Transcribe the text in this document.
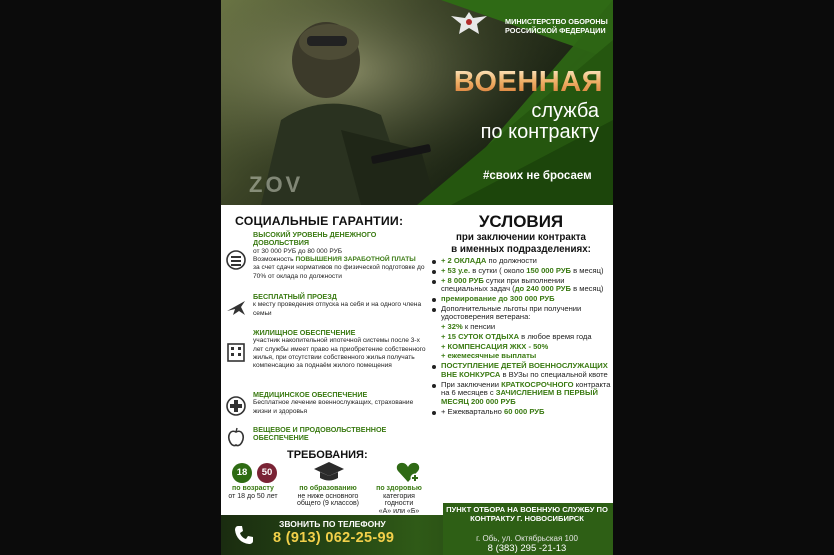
МИНИСТЕРСТВО ОБОРОНЫ РОССИЙСКОЙ ФЕДЕРАЦИИ
ZOV
ВОЕННАЯ
служба
по контракту
#своих не бросаем
СОЦИАЛЬНЫЕ ГАРАНТИИ:
ВЫСОКИЙ УРОВЕНЬ ДЕНЕЖНОГО ДОВОЛЬСТВИЯ
от 30 000 РУБ до 80 000 РУБ
Возможность ПОВЫШЕНИЯ ЗАРАБОТНОЙ ПЛАТЫ
за счет сдачи нормативов по физической подготовке до 70% от оклада по должности
БЕСПЛАТНЫЙ ПРОЕЗД
к месту проведения отпуска на себя и на одного члена семьи
ЖИЛИЩНОЕ ОБЕСПЕЧЕНИЕ
участник накопительной ипотечной системы после 3-х лет службы имеет право на приобретение собственного жилья, при отсутствии собственного жилья получать компенсацию за поднаём жилого помещения
МЕДИЦИНСКОЕ ОБЕСПЕЧЕНИЕ
Бесплатное лечение военнослужащих, страхование жизни и здоровья
ВЕЩЕВОЕ И ПРОДОВОЛЬСТВЕННОЕ ОБЕСПЕЧЕНИЕ
ТРЕБОВАНИЯ:
18	50
по возрасту
от 18 до 50 лет
по образованию
не ниже основного
общего (9 классов)
по здоровью
категория годности
«А» или «Б»
УСЛОВИЯ
при заключении контракта
в именных подразделениях:
+ 2 ОКЛАДА по должности
+ 53 у.е. в сутки ( около 150 000 РУБ в месяц)
+ 8 000 РУБ сутки при выполнении специальных задач (до 240 000 РУБ в месяц)
премирование до 300 000 РУБ
Дополнительные льготы при получении удостоверения ветерана:
+ 32% к пенсии
+ 15 СУТОК ОТДЫХА в любое время года
+ КОМПЕНСАЦИЯ ЖКХ - 50%
+ ежемесячные выплаты
ПОСТУПЛЕНИЕ ДЕТЕЙ ВОЕННОСЛУЖАЩИХ ВНЕ КОНКУРСА в ВУЗы по специальной квоте
При заключении КРАТКОСРОЧНОГО контракта на 6 месяцев с ЗАЧИСЛЕНИЕМ В ПЕРВЫЙ МЕСЯЦ 200 000 РУБ
+ Ежеквартально 60 000 РУБ
ЗВОНИТЬ ПО ТЕЛЕФОНУ
8 (913) 062-25-99
ПУНКТ ОТБОРА НА ВОЕННУЮ СЛУЖБУ ПО КОНТРАКТУ Г. НОВОСИБИРСК
г. Обь, ул. Октябрьская 100
8 (383) 295 -21-13
